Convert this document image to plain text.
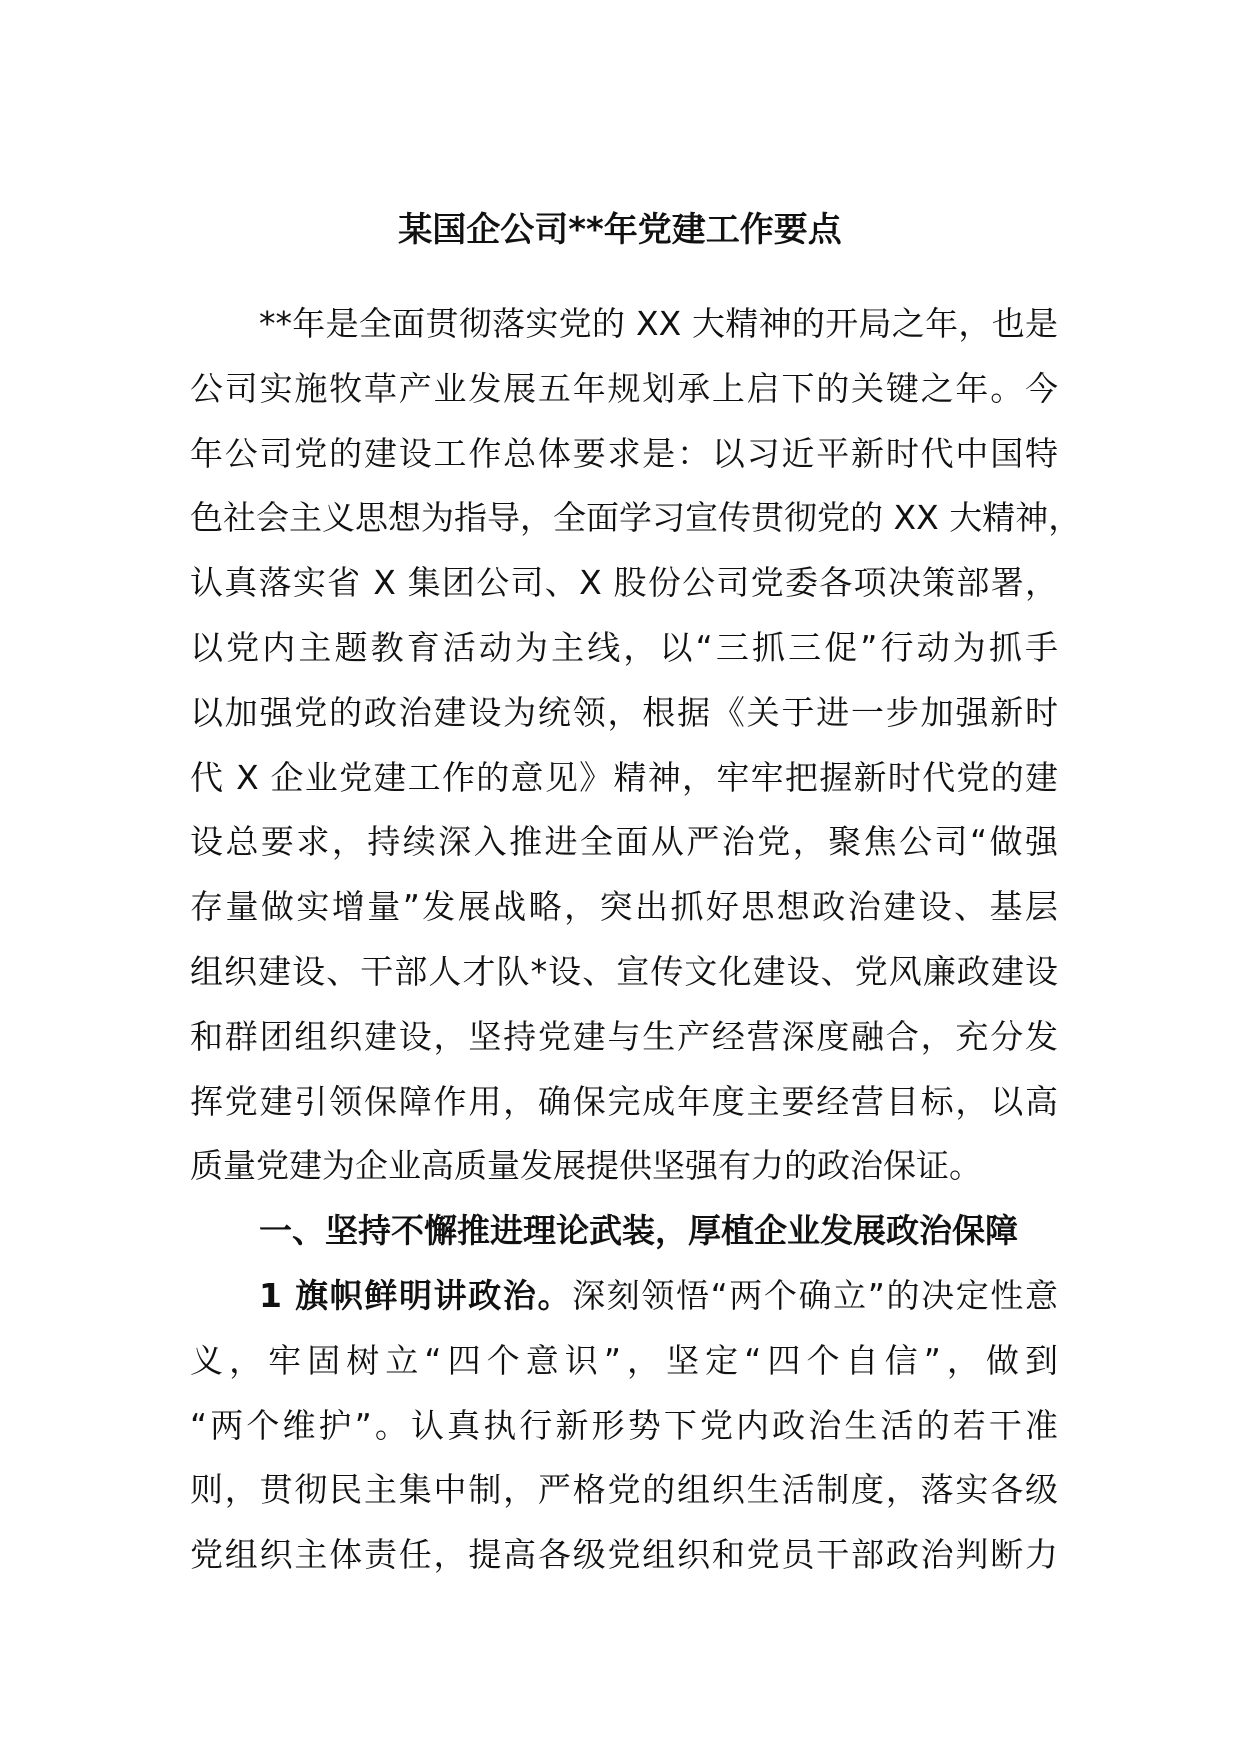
某国企公司**年党建工作要点
**年是全面贯彻落实党的 XX 大精神的开局之年，也是
公司实施牧草产业发展五年规划承上启下的关键之年。今
年公司党的建设工作总体要求是：以习近平新时代中国特
色社会主义思想为指导，全面学习宣传贯彻党的 XX 大精神，
认真落实省 X 集团公司、X 股份公司党委各项决策部署，
以党内主题教育活动为主线，以“三抓三促”行动为抓手
以加强党的政治建设为统领，根据《关于进一步加强新时
代 X 企业党建工作的意见》精神，牢牢把握新时代党的建
设总要求，持续深入推进全面从严治党，聚焦公司“做强
存量做实增量”发展战略，突出抓好思想政治建设、基层
组织建设、干部人才队*设、宣传文化建设、党风廉政建设
和群团组织建设，坚持党建与生产经营深度融合，充分发
挥党建引领保障作用，确保完成年度主要经营目标，以高
质量党建为企业高质量发展提供坚强有力的政治保证。
一、坚持不懈推进理论武装，厚植企业发展政治保障
1 旗帜鲜明讲政治。深刻领悟“两个确立”的决定性意
义，牢固树立“四个意识”，坚定“四个自信”，做到
“两个维护”。认真执行新形势下党内政治生活的若干准
则，贯彻民主集中制，严格党的组织生活制度，落实各级
党组织主体责任，提高各级党组织和党员干部政治判断力
